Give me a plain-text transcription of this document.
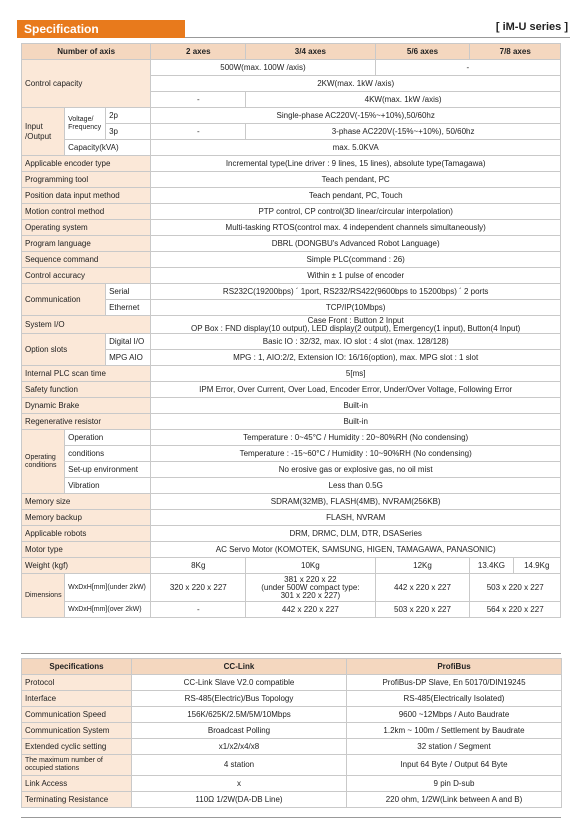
Specification	[ iM-U series ]
Number of axis			2 axes	3/4 axes	5/6 axes	7/8 axes	
Control capacity			500W(max. 100W /axis)		-		
			2KW(max. 1kW /axis)				
			-	4KW(max. 1kW /axis)			
Input /Output	Voltage/ Frequency	2p	Single-phase AC220V(-15%~+10%),50/60hz				
		3p	-	3-phase AC220V(-15%~+10%), 50/60hz			
	Capacity(kVA)		max. 5.0KVA				
Applicable encoder type			Incremental type(Line driver : 9 lines, 15 lines), absolute type(Tamagawa)				
Programming tool			Teach pendant, PC				
Position data input method			Teach pendant, PC, Touch				
Motion control method			PTP control, CP control(3D linear/circular interpolation)				
Operating system			Multi-tasking RTOS(control max. 4 independent channels simultaneously)				
Program language			DBRL (DONGBU's Advanced Robot Language)				
Sequence command			Simple PLC(command : 26)				
Control accuracy			Within ± 1 pulse of encoder				
Communication		Serial	RS232C(19200bps) ´ 1port, RS232/RS422(9600bps to 15200bps) ´ 2 ports				
		Ethernet	TCP/IP(10Mbps)				
System I/O			Case Front : Button 2 Input
OP Box : FND display(10 output), LED display(2 output), Emergency(1 input), Button(4 Input)				
Option slots		Digital I/O	Basic IO : 32/32, max. IO slot : 4 slot (max. 128/128)				
		MPG AIO	MPG : 1, AIO:2/2, Extension IO: 16/16(option), max. MPG slot : 1 slot				
Internal PLC scan time			5[ms]				
Safety function			IPM Error, Over Current, Over Load, Encoder Error, Under/Over Voltage, Following Error				
Dynamic Brake			Built-in				
Regenerative resistor			Built-in				
Operating conditions	Operation		Temperature : 0~45°C / Humidity : 20~80%RH (No condensing)				
	conditions		Temperature : -15~60°C / Humidity : 10~90%RH (No condensing)				
	Set-up environment		No erosive gas or explosive gas, no oil mist				
	Vibration		Less than 0.5G				
Memory size			SDRAM(32MB), FLASH(4MB), NVRAM(256KB)				
Memory backup			FLASH, NVRAM				
Applicable robots			DRM, DRMC, DLM, DTR, DSASeries				
Motor type			AC Servo Motor (KOMOTEK, SAMSUNG, HIGEN, TAMAGAWA, PANASONIC)				
Weight (kgf)			8Kg	10Kg	12Kg	13.4KG	14.9Kg
Dimensions	WxDxH[mm](under 2kW)		320 x 220 x 227	381 x 220 x 22
(under 500W compact type:
301 x 220 x 227)	442 x 220 x 227	503 x 220 x 227	
	WxDxH[mm](over 2kW)		-	442 x 220 x 227	503 x 220 x 227	564 x 220 x 227	
Specifications	CC-Link	ProfiBus
Protocol	CC-Link Slave V2.0 compatible	ProfiBus-DP Slave, En 50170/DIN19245
Interface	RS-485(Electric)/Bus Topology	RS-485(Electrically Isolated)
Communication Speed	156K/625K/2.5M/5M/10Mbps	9600 ~12Mbps / Auto Baudrate
Communication System	Broadcast Polling	1.2km ~ 100m / Settlement by Baudrate
Extended cyclic setting	x1/x2/x4/x8	32 station / Segment
The maximum number of occupied stations	4 station	Input 64 Byte / Output 64 Byte
Link Access	x	9 pin D-sub
Terminating Resistance	110Ω 1/2W(DA-DB Line)	220 ohm, 1/2W(Link between A and B)
